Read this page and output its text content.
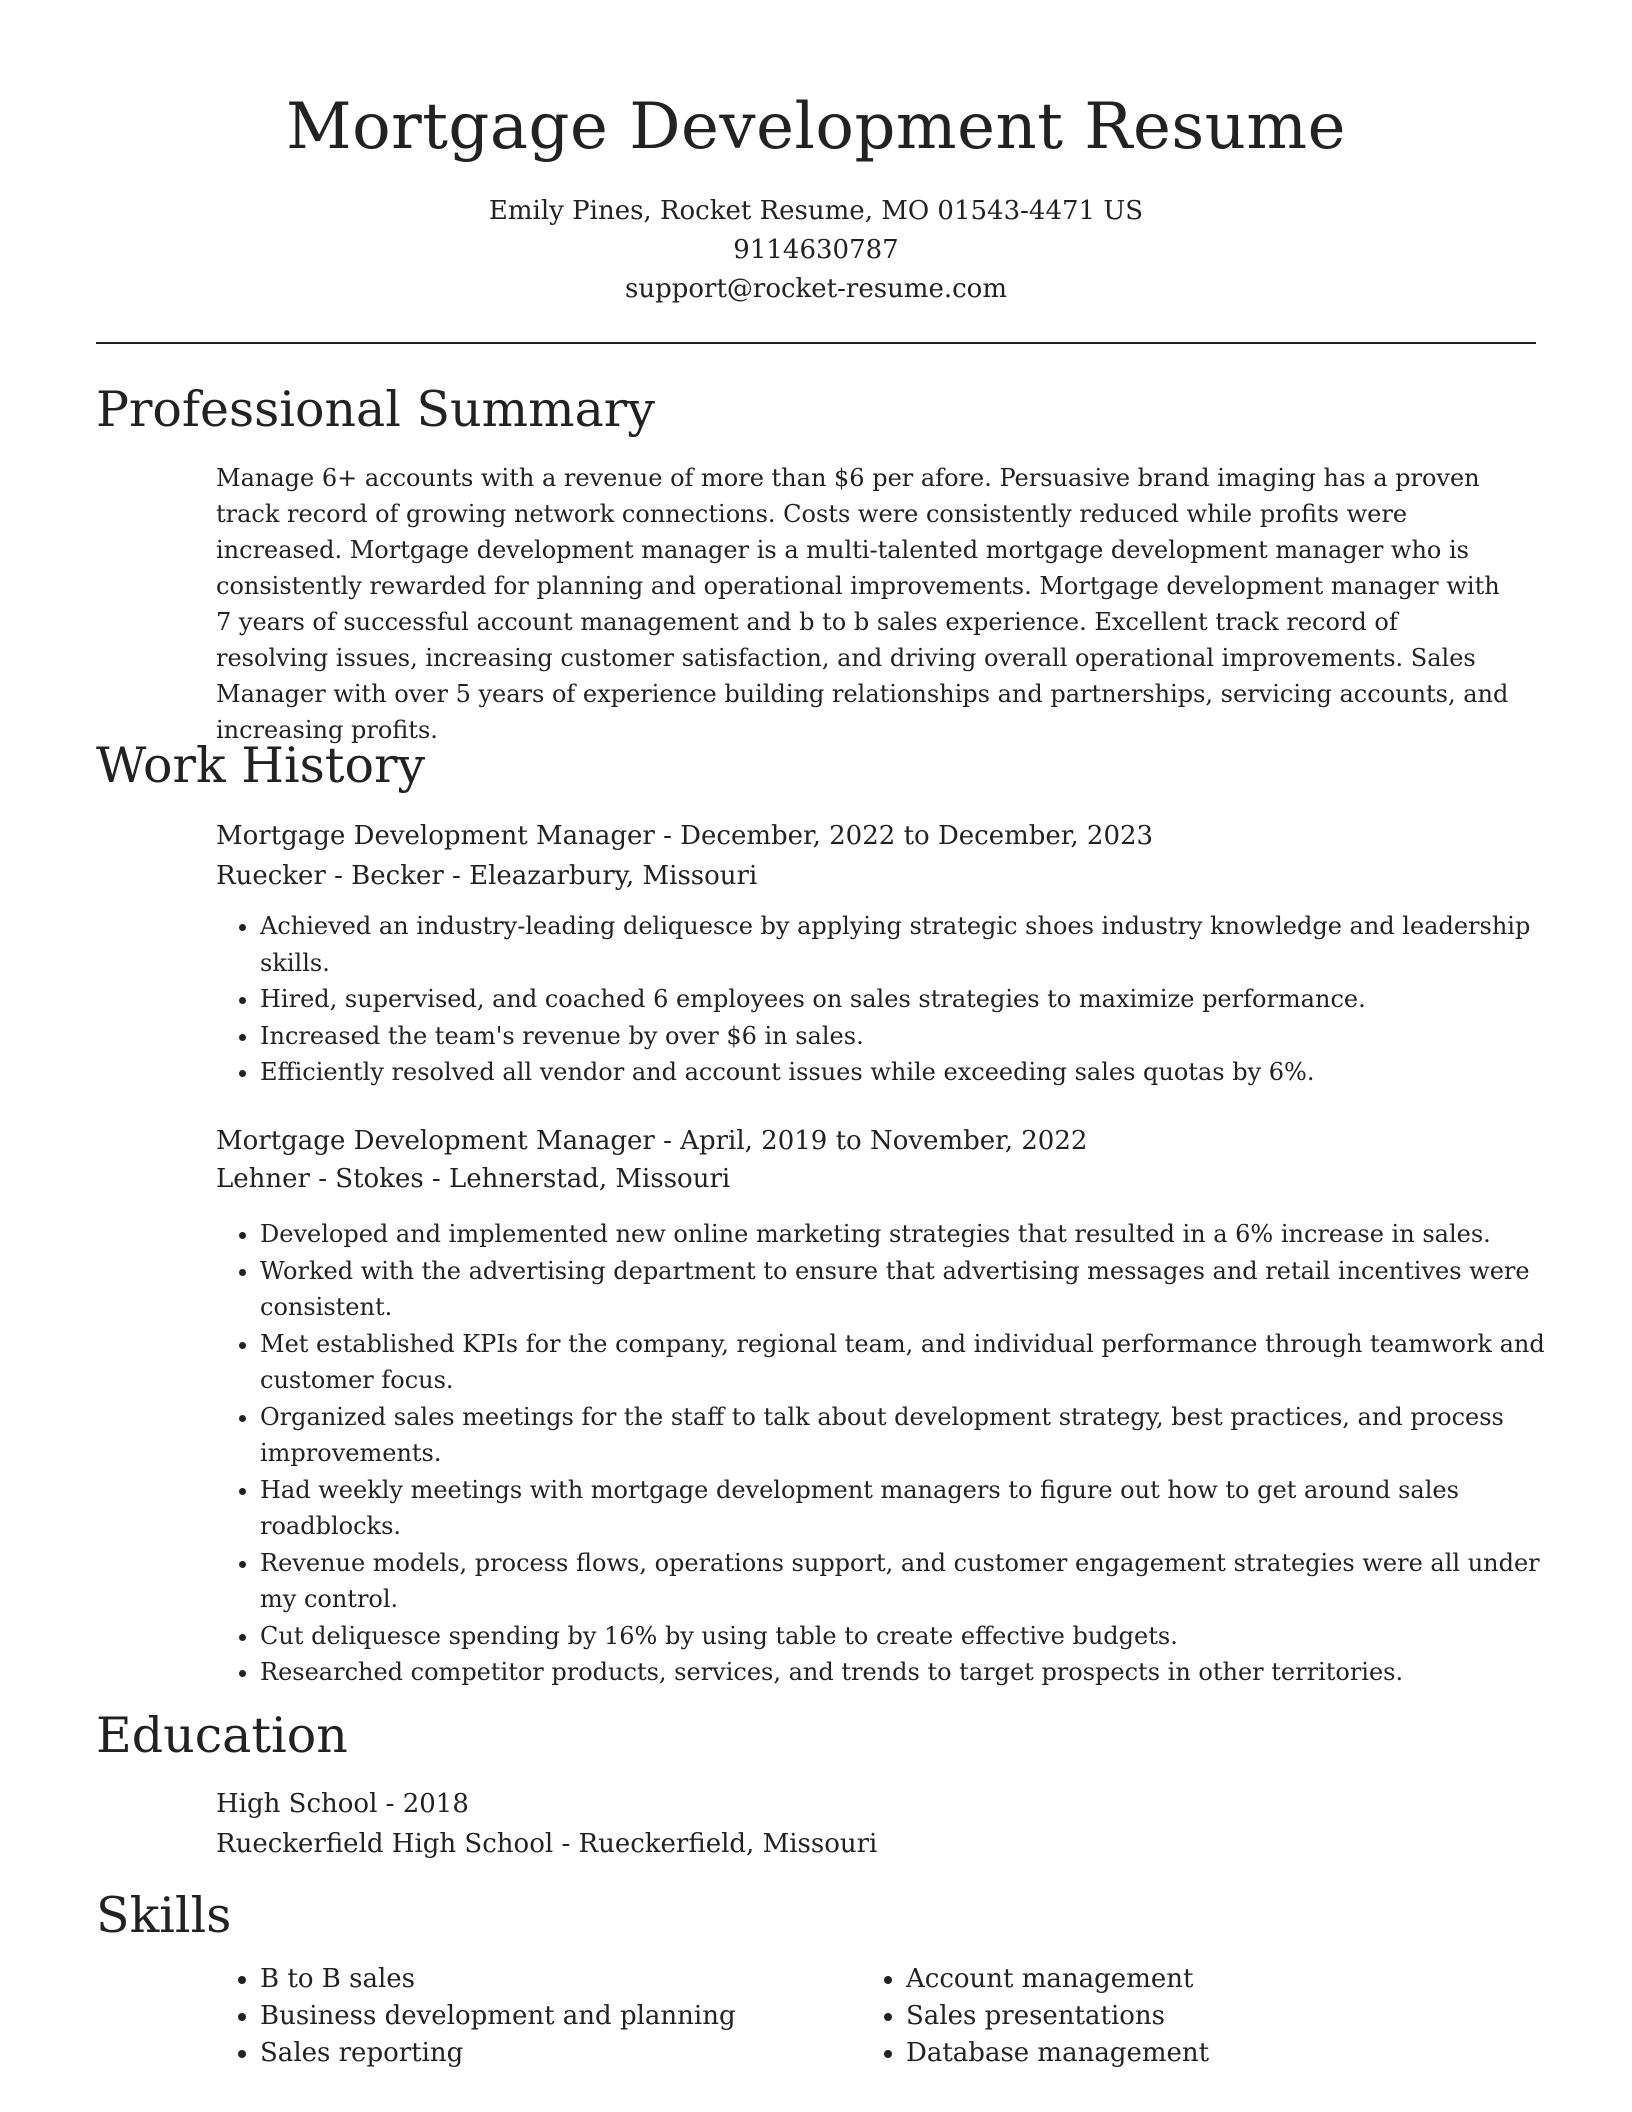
Mortgage Development Resume
Emily Pines, Rocket Resume, MO 01543-4471 US
9114630787
support@rocket-resume.com
Professional Summary
Manage 6+ accounts with a revenue of more than $6 per afore. Persuasive brand imaging has a proven track record of growing network connections. Costs were consistently reduced while profits were increased. Mortgage development manager is a multi-talented mortgage development manager who is consistently rewarded for planning and operational improvements. Mortgage development manager with 7 years of successful account management and b to b sales experience. Excellent track record of resolving issues, increasing customer satisfaction, and driving overall operational improvements. Sales Manager with over 5 years of experience building relationships and partnerships, servicing accounts, and increasing profits.
Work History
Mortgage Development Manager - December, 2022 to December, 2023
Ruecker - Becker - Eleazarbury, Missouri
• Achieved an industry-leading deliquesce by applying strategic shoes industry knowledge and leadership skills.
• Hired, supervised, and coached 6 employees on sales strategies to maximize performance.
• Increased the team's revenue by over $6 in sales.
• Efficiently resolved all vendor and account issues while exceeding sales quotas by 6%.
Mortgage Development Manager - April, 2019 to November, 2022
Lehner - Stokes - Lehnerstad, Missouri
• Developed and implemented new online marketing strategies that resulted in a 6% increase in sales.
• Worked with the advertising department to ensure that advertising messages and retail incentives were consistent.
• Met established KPIs for the company, regional team, and individual performance through teamwork and customer focus.
• Organized sales meetings for the staff to talk about development strategy, best practices, and process improvements.
• Had weekly meetings with mortgage development managers to figure out how to get around sales roadblocks.
• Revenue models, process flows, operations support, and customer engagement strategies were all under my control.
• Cut deliquesce spending by 16% by using table to create effective budgets.
• Researched competitor products, services, and trends to target prospects in other territories.
Education
High School - 2018
Rueckerfield High School - Rueckerfield, Missouri
Skills
• B to B sales
• Business development and planning
• Sales reporting
• Account management
• Sales presentations
• Database management
